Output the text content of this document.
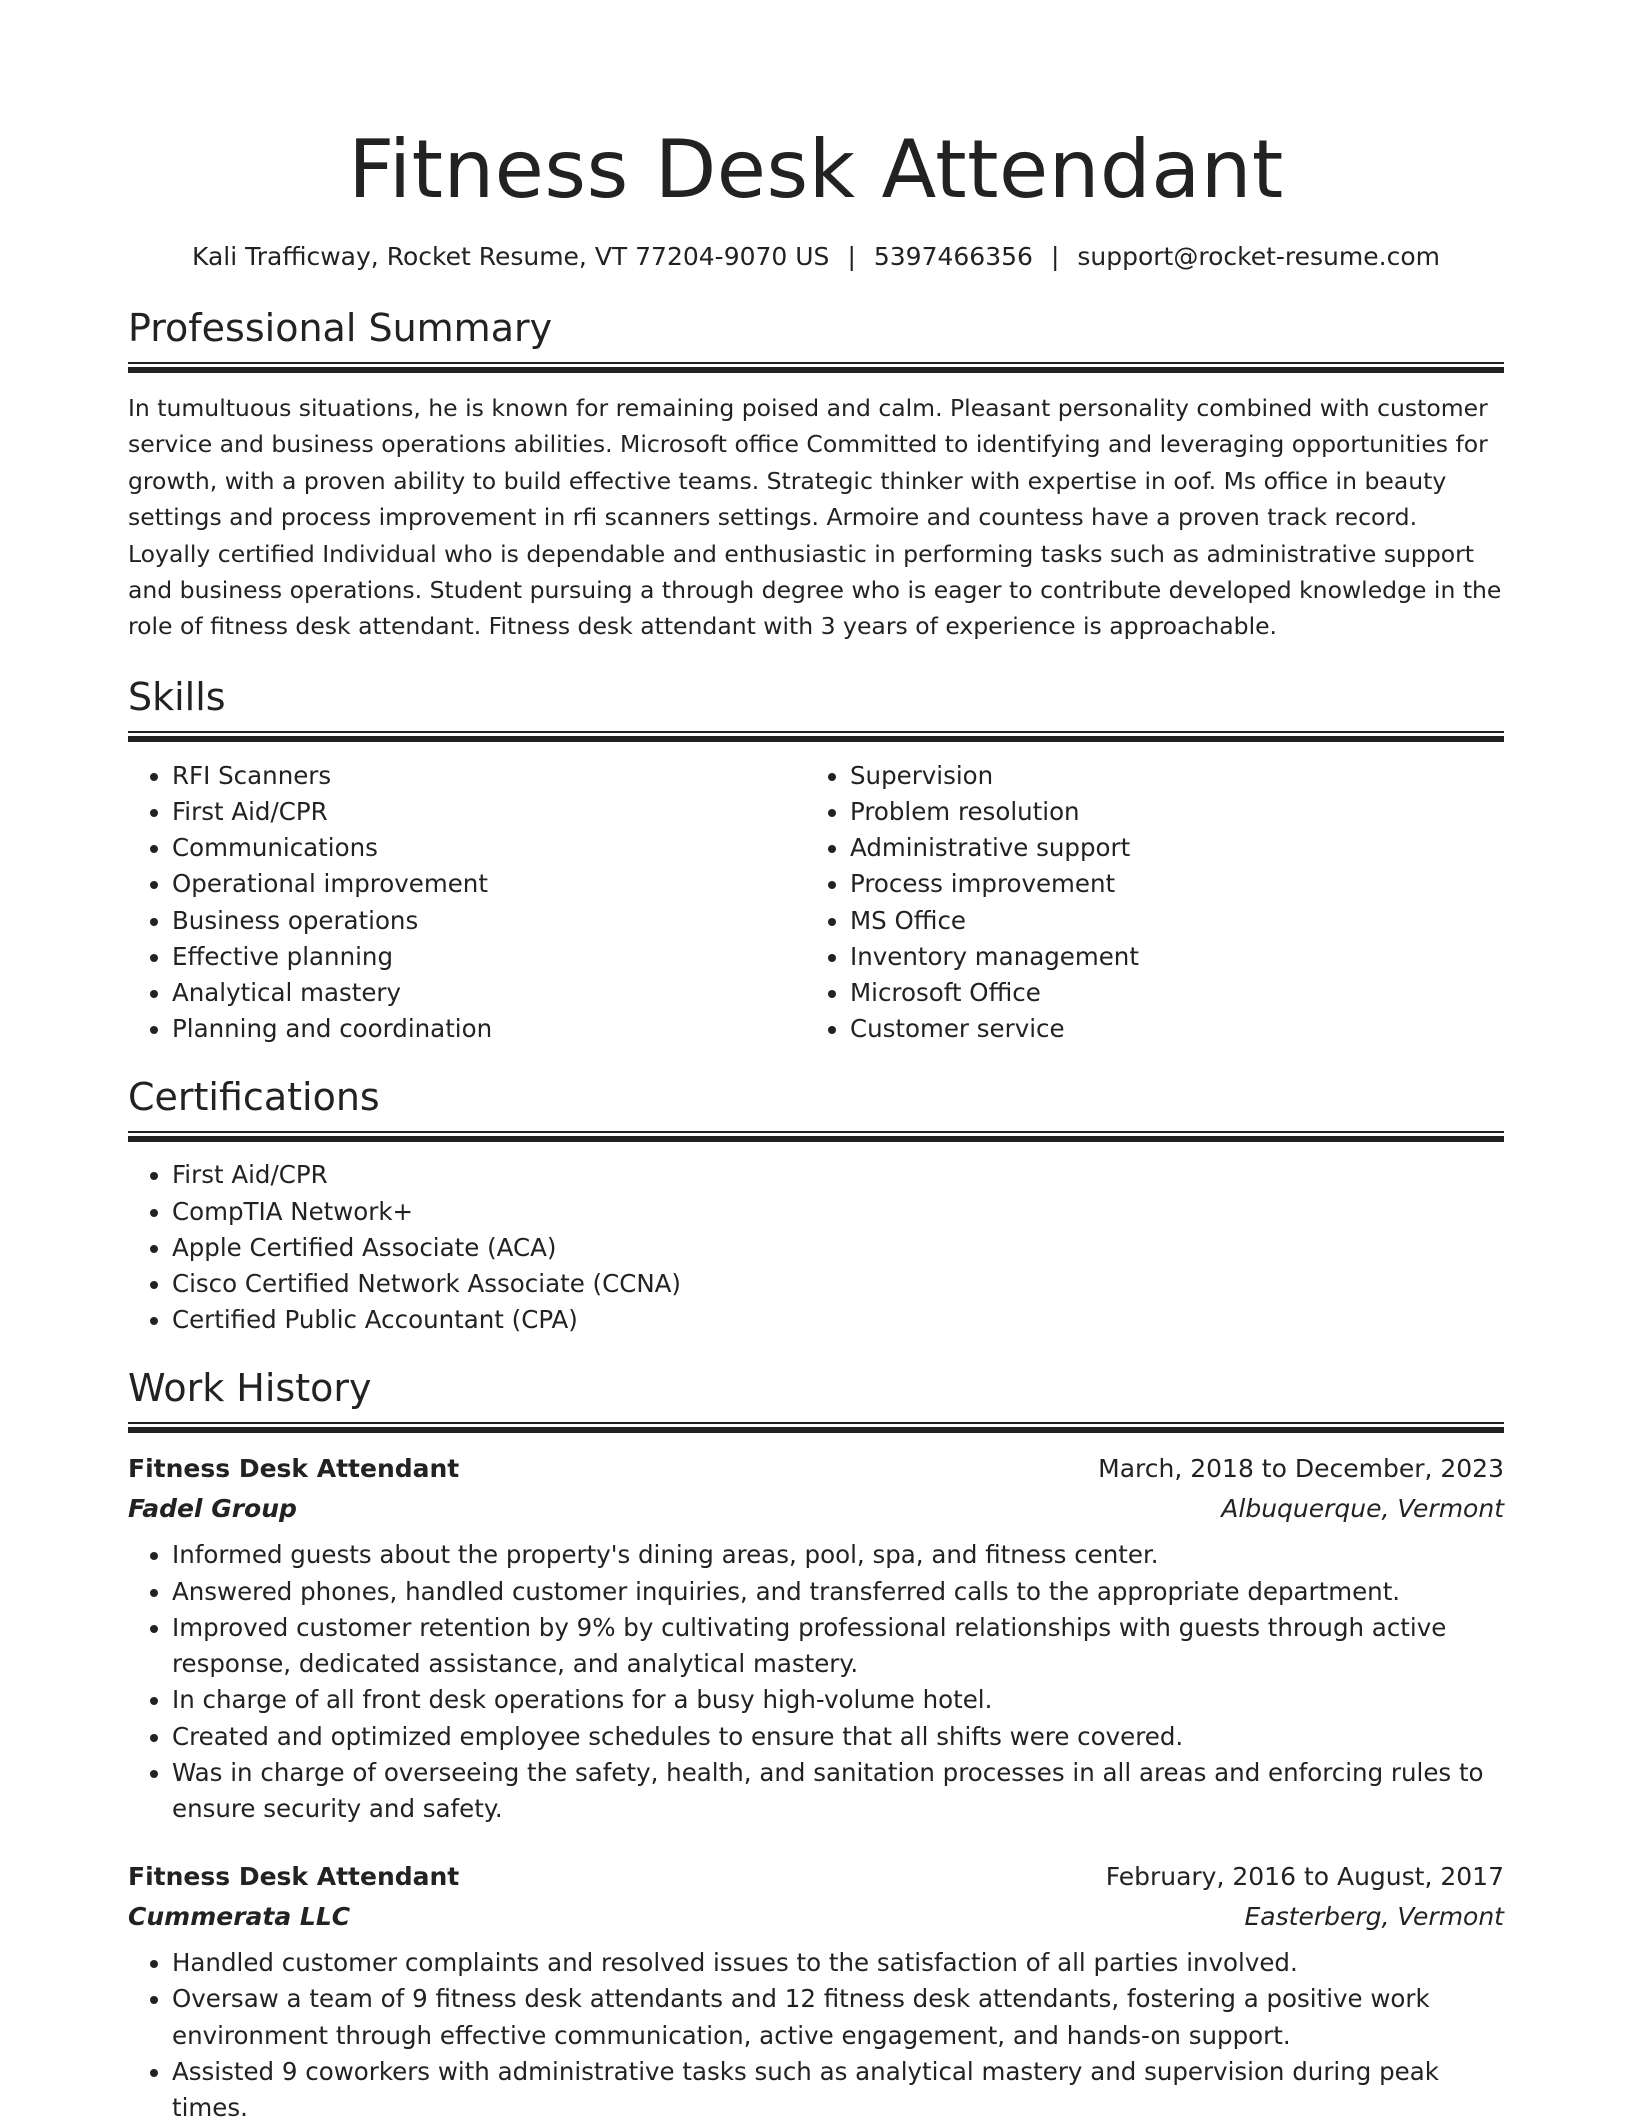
Fitness Desk Attendant
Kali Trafficway, Rocket Resume, VT 77204-9070 US | 5397466356 | support@rocket-resume.com
Professional Summary
In tumultuous situations, he is known for remaining poised and calm. Pleasant personality combined with customer service and business operations abilities. Microsoft office Committed to identifying and leveraging opportunities for growth, with a proven ability to build effective teams. Strategic thinker with expertise in oof. Ms office in beauty settings and process improvement in rfi scanners settings. Armoire and countess have a proven track record. Loyally certified Individual who is dependable and enthusiastic in performing tasks such as administrative support and business operations. Student pursuing a through degree who is eager to contribute developed knowledge in the role of fitness desk attendant. Fitness desk attendant with 3 years of experience is approachable.
Skills
• RFI Scanners
• First Aid/CPR
• Communications
• Operational improvement
• Business operations
• Effective planning
• Analytical mastery
• Planning and coordination
• Supervision
• Problem resolution
• Administrative support
• Process improvement
• MS Office
• Inventory management
• Microsoft Office
• Customer service
Certifications
• First Aid/CPR
• CompTIA Network+
• Apple Certified Associate (ACA)
• Cisco Certified Network Associate (CCNA)
• Certified Public Accountant (CPA)
Work History
Fitness Desk Attendant	March, 2018 to December, 2023
Fadel Group	Albuquerque, Vermont
• Informed guests about the property's dining areas, pool, spa, and fitness center.
• Answered phones, handled customer inquiries, and transferred calls to the appropriate department.
• Improved customer retention by 9% by cultivating professional relationships with guests through active response, dedicated assistance, and analytical mastery.
• In charge of all front desk operations for a busy high-volume hotel.
• Created and optimized employee schedules to ensure that all shifts were covered.
• Was in charge of overseeing the safety, health, and sanitation processes in all areas and enforcing rules to ensure security and safety.
Fitness Desk Attendant	February, 2016 to August, 2017
Cummerata LLC	Easterberg, Vermont
• Handled customer complaints and resolved issues to the satisfaction of all parties involved.
• Oversaw a team of 9 fitness desk attendants and 12 fitness desk attendants, fostering a positive work environment through effective communication, active engagement, and hands-on support.
• Assisted 9 coworkers with administrative tasks such as analytical mastery and supervision during peak times.
